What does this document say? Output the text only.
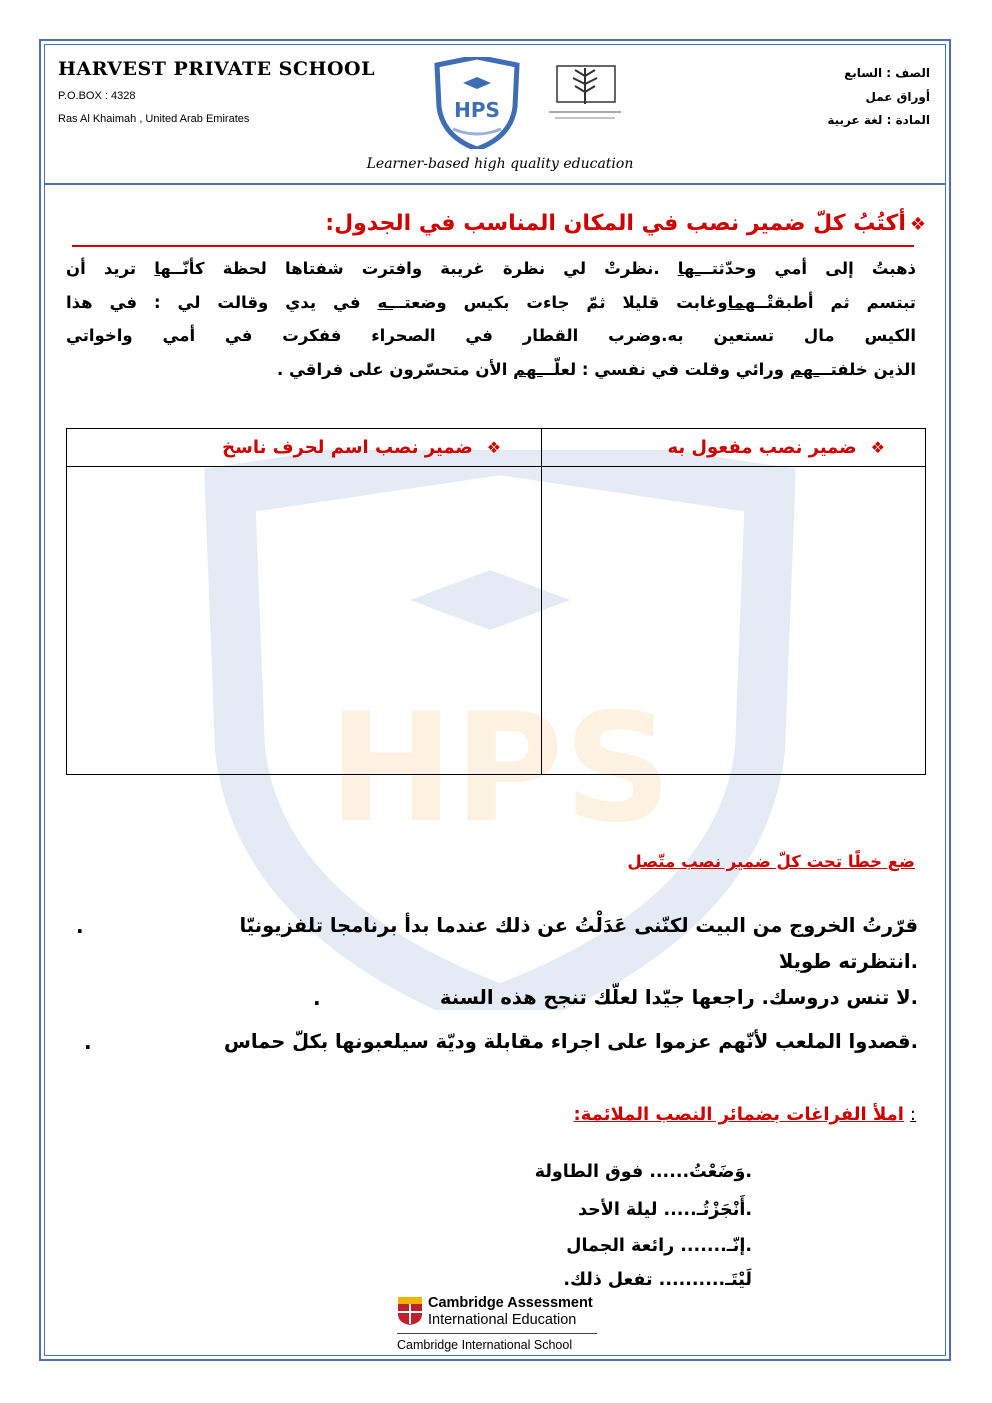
HPS
HARVEST PRIVATE SCHOOL
P.O.BOX : 4328
Ras Al Khaimah , United Arab Emirates	HPS
الصف : السابع
أوراق عمل
المادة : لغة عربية
Learner-based high quality education
❖أكتُبُ كلّ ضمير نصب في المكان المناسب في الجدول:

ذهبتُ إلى أمي وحدّثتـــها .نظرتْ لي نظرة غريبة وافترت شفتاها لحظة كأنّــها تريد أن

تبتسم ثم أطبقتْــهماوغابت قليلا ثمّ جاءت بكيس وضعتـــه في يدي وقالت لي : في هذا

الكيس مال تستعين به.وضرب القطار في الصحراء ففكرت في أمي واخواتي

الذين خلفتـــهم ورائي وقلت في نفسي : لعلّـــهم الأن متحسّرون على فراقي .

❖ضمير نصب مفعول به	❖ضمير نصب اسم لحرف ناسخ

ضع خطًا تحت كلّ ضمير نصب متّصل
قرّرتُ الخروج من البيت لكنّنى عَدَلْتُ عن ذلك عندما بدأ برنامجا تلفزيونيّا
.
.انتظرته طويلا
.لا تنس دروسك. راجعها جيّدا لعلّك تنجح هذه السنة
.
.قصدوا الملعب لأنّهم عزموا على اجراء مقابلة وديّة سيلعبونها بكلّ حماس
.
:املأ الفراغات بضمائر النصب الملائمة:
.وَضَعْتُ...... فوق الطاولة
.أَنْجَزْتُـ..... ليلة الأحد
.إنّـ....... رائعة الجمال
لَيْتَـ.......... تفعل ذلك.
Cambridge Assessment
International Education
Cambridge International School
